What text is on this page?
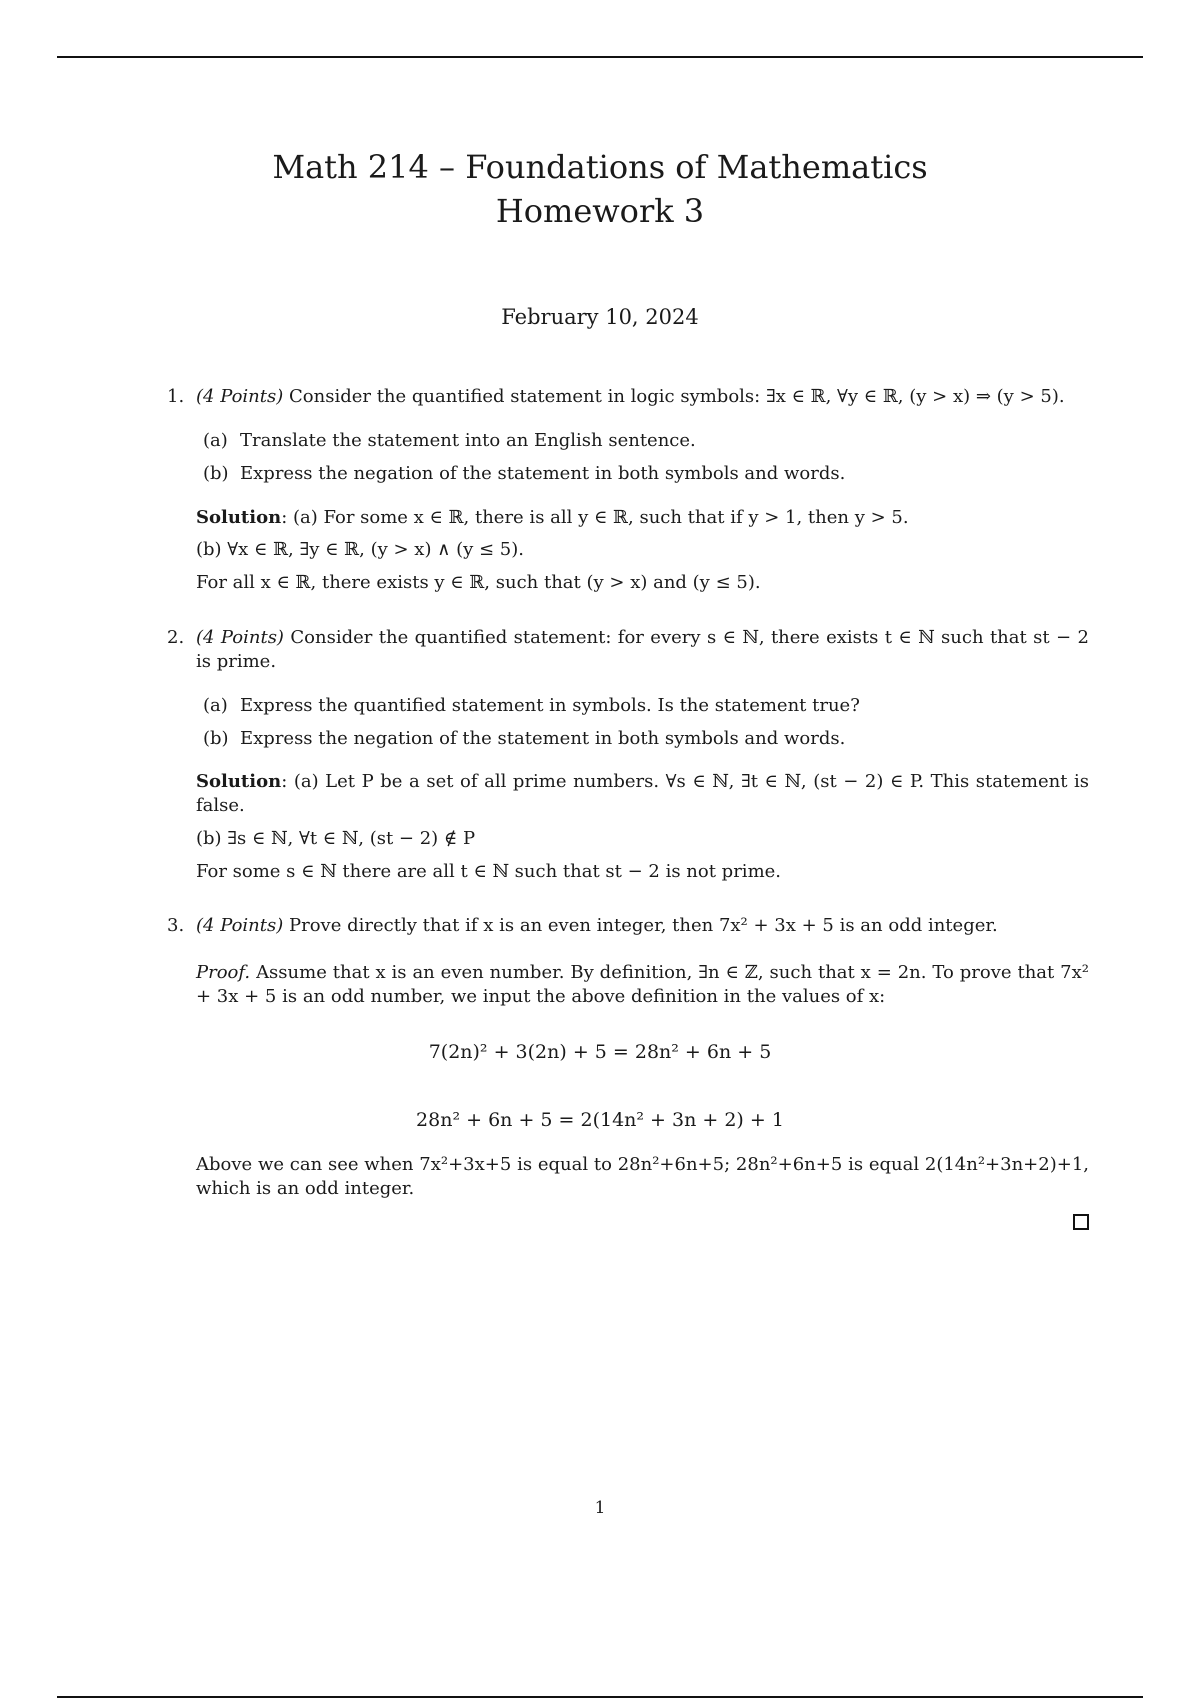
Math 214 – Foundations of Mathematics
Homework 3
February 10, 2024
1. (4 Points) Consider the quantified statement in logic symbols: ∃x ∈ ℝ, ∀y ∈ ℝ, (y > x) ⇒ (y > 5).
(a) Translate the statement into an English sentence.
(b) Express the negation of the statement in both symbols and words.
Solution: (a) For some x ∈ ℝ, there is all y ∈ ℝ, such that if y > 1, then y > 5.
(b) ∀x ∈ ℝ, ∃y ∈ ℝ, (y > x) ∧ (y ≤ 5).
For all x ∈ ℝ, there exists y ∈ ℝ, such that (y > x) and (y ≤ 5).
2. (4 Points) Consider the quantified statement: for every s ∈ ℕ, there exists t ∈ ℕ such that st − 2 is prime.
(a) Express the quantified statement in symbols. Is the statement true?
(b) Express the negation of the statement in both symbols and words.
Solution: (a) Let P be a set of all prime numbers. ∀s ∈ ℕ, ∃t ∈ ℕ, (st − 2) ∈ P. This statement is false.
(b) ∃s ∈ ℕ, ∀t ∈ ℕ, (st − 2) ∉ P
For some s ∈ ℕ there are all t ∈ ℕ such that st − 2 is not prime.
3. (4 Points) Prove directly that if x is an even integer, then 7x² + 3x + 5 is an odd integer.
Proof. Assume that x is an even number. By definition, ∃n ∈ ℤ, such that x = 2n. To prove that 7x² + 3x + 5 is an odd number, we input the above definition in the values of x:
7(2n)² + 3(2n) + 5 = 28n² + 6n + 5
28n² + 6n + 5 = 2(14n² + 3n + 2) + 1
Above we can see when 7x²+3x+5 is equal to 28n²+6n+5; 28n²+6n+5 is equal 2(14n²+3n+2)+1, which is an odd integer.
1
